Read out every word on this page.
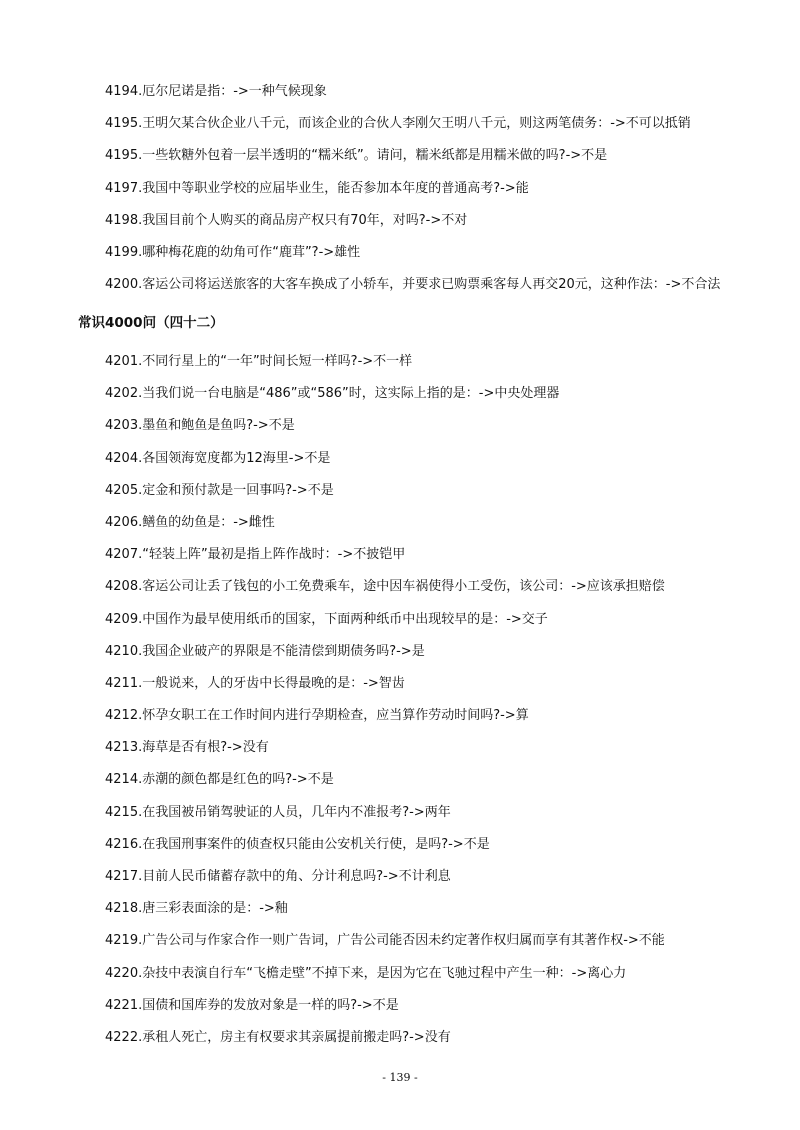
4194.厄尔尼诺是指：->一种气候现象
4195.王明欠某合伙企业八千元，而该企业的合伙人李刚欠王明八千元，则这两笔债务：->不可以抵销
4195.一些软糖外包着一层半透明的“糯米纸”。请问，糯米纸都是用糯米做的吗?->不是
4197.我国中等职业学校的应届毕业生，能否参加本年度的普通高考?->能
4198.我国目前个人购买的商品房产权只有70年，对吗?->不对
4199.哪种梅花鹿的幼角可作“鹿茸”?->雄性
4200.客运公司将运送旅客的大客车换成了小轿车，并要求已购票乘客每人再交20元，这种作法：->不合法
常识4000问（四十二）
4201.不同行星上的“一年”时间长短一样吗?->不一样
4202.当我们说一台电脑是“486”或“586”时，这实际上指的是：->中央处理器
4203.墨鱼和鲍鱼是鱼吗?->不是
4204.各国领海宽度都为12海里->不是
4205.定金和预付款是一回事吗?->不是
4206.鳝鱼的幼鱼是：->雌性
4207.“轻装上阵”最初是指上阵作战时：->不披铠甲
4208.客运公司让丢了钱包的小工免费乘车，途中因车祸使得小工受伤，该公司：->应该承担赔偿
4209.中国作为最早使用纸币的国家，下面两种纸币中出现较早的是：->交子
4210.我国企业破产的界限是不能清偿到期债务吗?->是
4211.一般说来，人的牙齿中长得最晚的是：->智齿
4212.怀孕女职工在工作时间内进行孕期检查，应当算作劳动时间吗?->算
4213.海草是否有根?->没有
4214.赤潮的颜色都是红色的吗?->不是
4215.在我国被吊销驾驶证的人员，几年内不准报考?->两年
4216.在我国刑事案件的侦查权只能由公安机关行使，是吗?->不是
4217.目前人民币储蓄存款中的角、分计利息吗?->不计利息
4218.唐三彩表面涂的是：->釉
4219.广告公司与作家合作一则广告词，广告公司能否因未约定著作权归属而享有其著作权->不能
4220.杂技中表演自行车“飞檐走壁”不掉下来，是因为它在飞驰过程中产生一种：->离心力
4221.国债和国库券的发放对象是一样的吗?->不是
4222.承租人死亡，房主有权要求其亲属提前搬走吗?->没有
- 139 -
